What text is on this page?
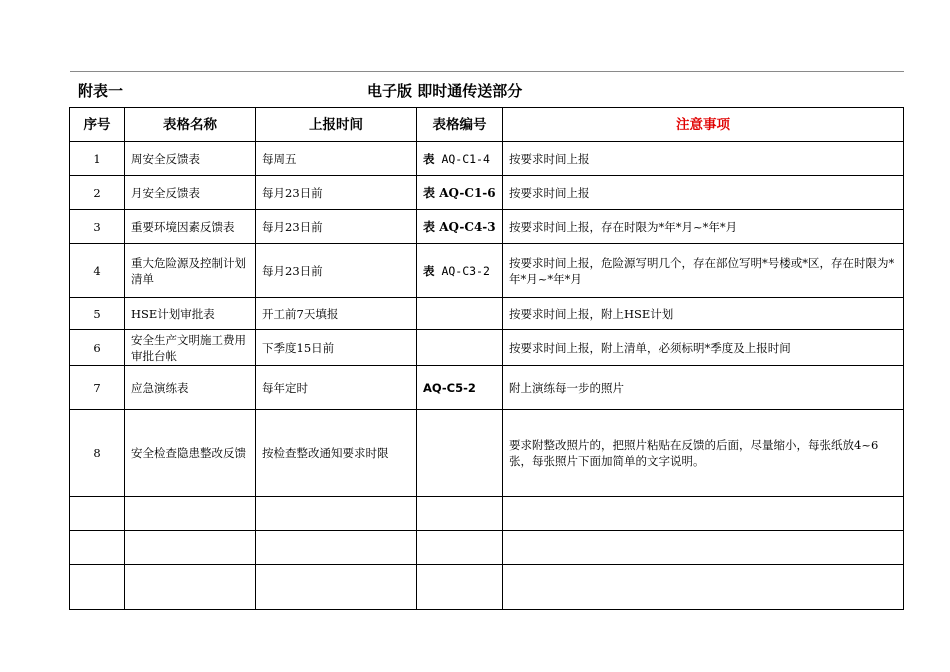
附表一	电子版 即时通传送部分
序号	表格名称	上报时间	表格编号	注意事项
1	周安全反馈表	每周五	表 AQ-C1-4	按要求时间上报
2	月安全反馈表	每月23日前	表 AQ-C1-6	按要求时间上报
3	重要环境因素反馈表	每月23日前	表 AQ-C4-3	按要求时间上报，存在时限为*年*月~*年*月
4	重大危险源及控制计划清单	每月23日前	表 AQ-C3-2	按要求时间上报，危险源写明几个，存在部位写明*号楼或*区，存在时限为*年*月~*年*月
5	HSE计划审批表	开工前7天填报		按要求时间上报，附上HSE计划
6	安全生产文明施工费用审批台帐	下季度15日前		按要求时间上报，附上清单，必须标明*季度及上报时间
7	应急演练表	每年定时	AQ-C5-2	附上演练每一步的照片
8	安全检查隐患整改反馈	按检查整改通知要求时限		要求附整改照片的，把照片粘贴在反馈的后面，尽量缩小，每张纸放4~6张，每张照片下面加简单的文字说明。
